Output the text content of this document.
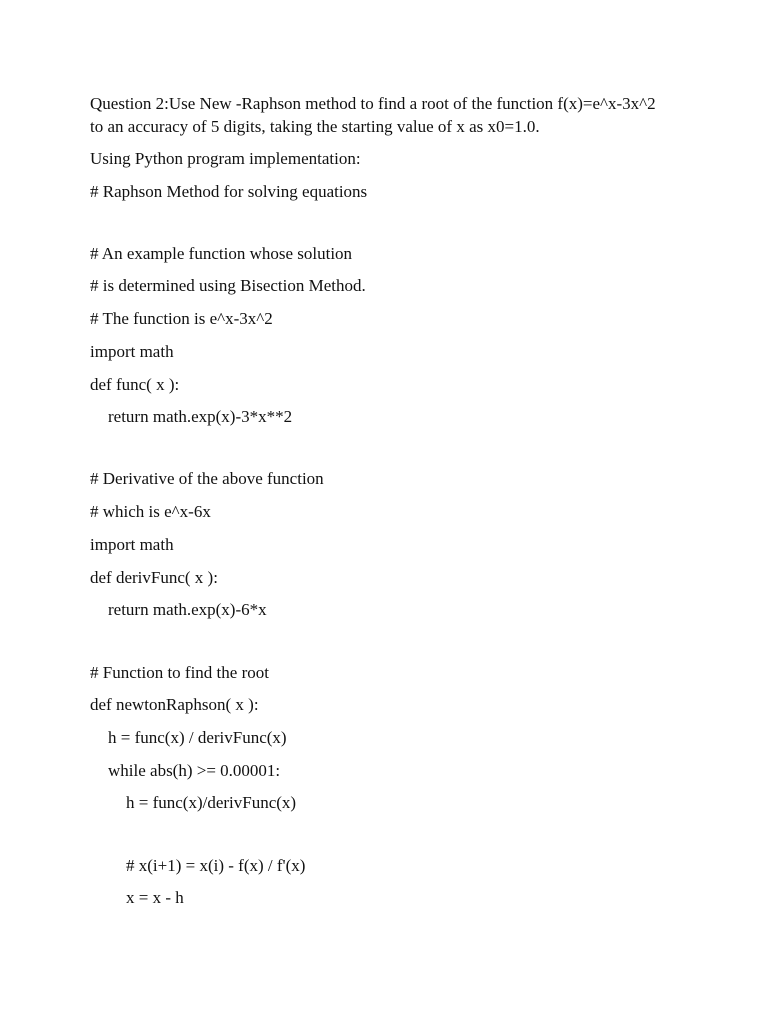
Question 2:Use New -Raphson method to find a root of the function f(x)=e^x-3x^2
to an accuracy of 5 digits, taking the starting value of x as x0=1.0.
Using Python program implementation:
# Raphson Method for solving equations
# An example function whose solution
# is determined using Bisection Method.
# The function is e^x-3x^2
import math
def func( x ):
return math.exp(x)-3*x**2
# Derivative of the above function
# which is e^x-6x
import math
def derivFunc( x ):
return math.exp(x)-6*x
# Function to find the root
def newtonRaphson( x ):
h = func(x) / derivFunc(x)
while abs(h) >= 0.00001:
h = func(x)/derivFunc(x)
# x(i+1) = x(i) - f(x) / f'(x)
x = x - h
